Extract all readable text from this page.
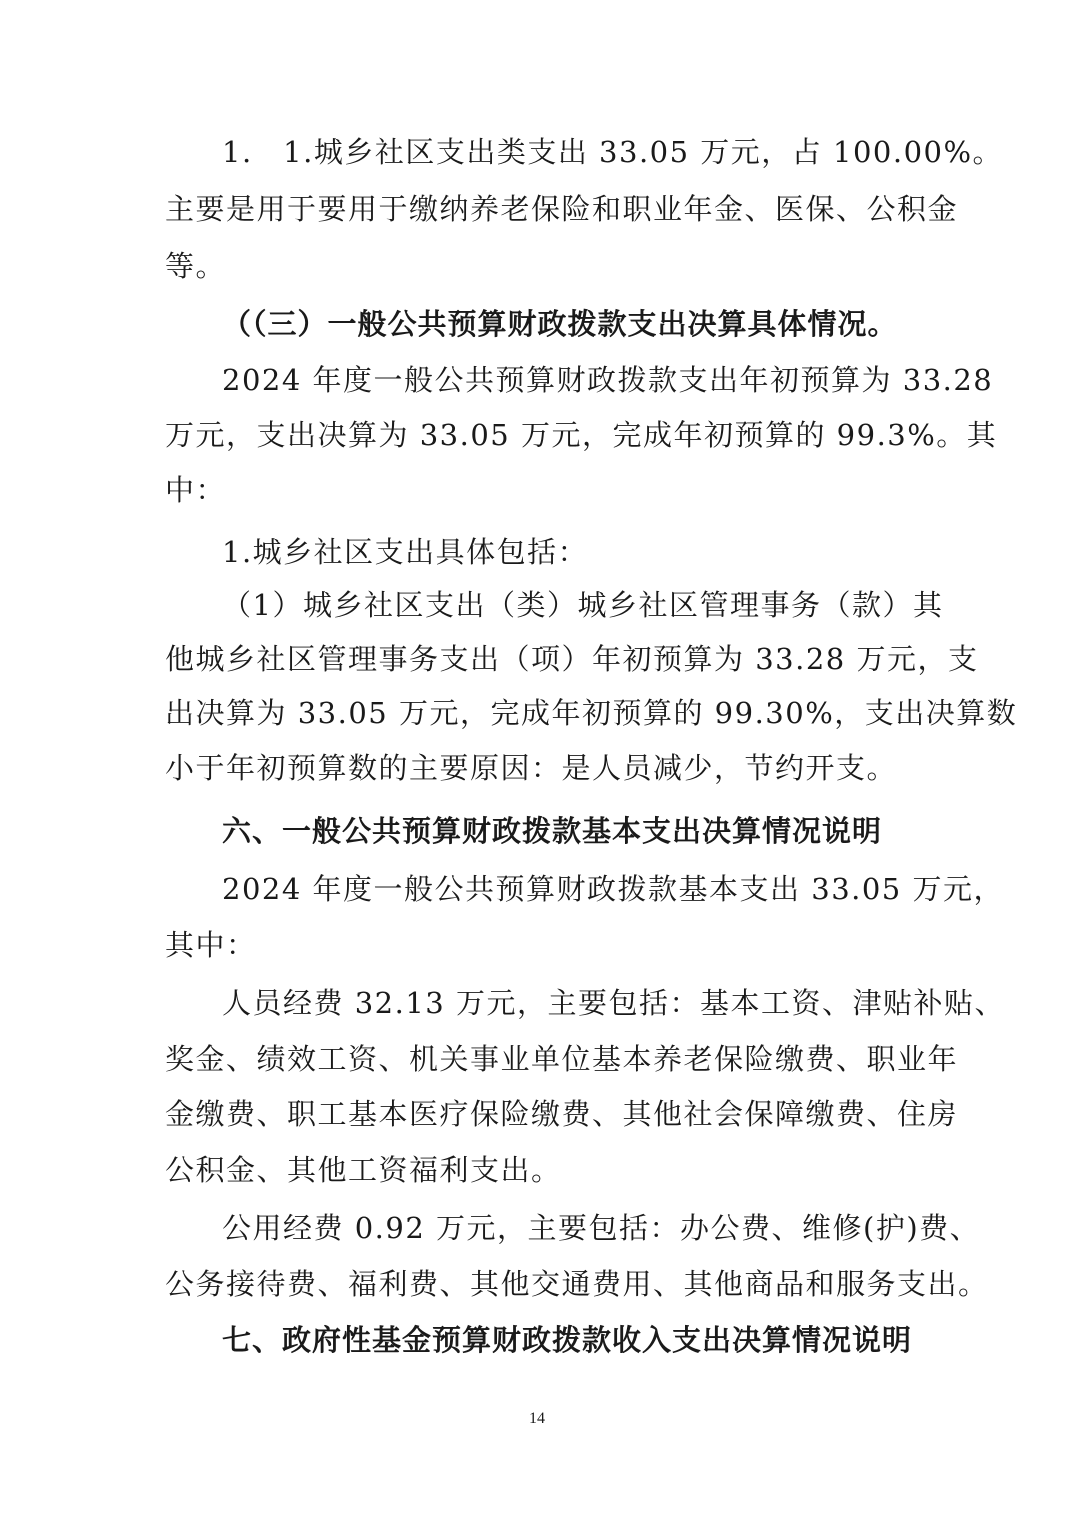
1.　1.城乡社区支出类支出 33.05 万元，占 100.00%。
主要是用于要用于缴纳养老保险和职业年金、医保、公积金
等。
（（三）一般公共预算财政拨款支出决算具体情况。
2024 年度一般公共预算财政拨款支出年初预算为 33.28
万元，支出决算为 33.05 万元，完成年初预算的 99.3%。其
中：
1.城乡社区支出具体包括：
（1）城乡社区支出（类）城乡社区管理事务（款）其
他城乡社区管理事务支出（项）年初预算为 33.28 万元，支
出决算为 33.05 万元，完成年初预算的 99.30%，支出决算数
小于年初预算数的主要原因：是人员减少，节约开支。
六、一般公共预算财政拨款基本支出决算情况说明
2024 年度一般公共预算财政拨款基本支出 33.05 万元，
其中：
人员经费 32.13 万元，主要包括：基本工资、津贴补贴、
奖金、绩效工资、机关事业单位基本养老保险缴费、职业年
金缴费、职工基本医疗保险缴费、其他社会保障缴费、住房
公积金、其他工资福利支出。
公用经费 0.92 万元，主要包括：办公费、维修(护)费、
公务接待费、福利费、其他交通费用、其他商品和服务支出。
七、政府性基金预算财政拨款收入支出决算情况说明
14
